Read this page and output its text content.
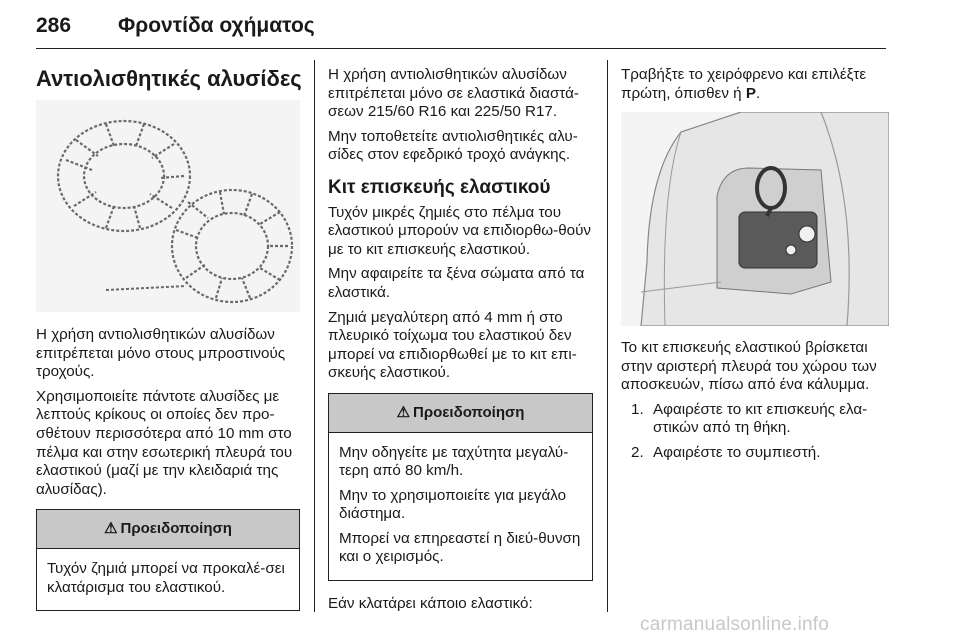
286 Φροντίδα οχήματος
Αντιολισθητικές αλυσίδες

Η χρήση αντιολισθητικών αλυσίδων επιτρέπεται μόνο στους μπροστινούς τροχούς.

Χρησιμοποιείτε πάντοτε αλυσίδες με λεπτούς κρίκους οι οποίες δεν προ-σθέτουν περισσότερα από 10 mm στο πέλμα και στην εσωτερική πλευρά του ελαστικού (μαζί με την κλειδαριά της αλυσίδας).

⚠ Προειδοποίηση

Τυχόν ζημιά μπορεί να προκαλέ-σει κλατάρισμα του ελαστικού.

Η χρήση αντιολισθητικών αλυσίδων επιτρέπεται μόνο σε ελαστικά διαστά-σεων 215/60 R16 και 225/50 R17.

Μην τοποθετείτε αντιολισθητικές αλυ-σίδες στον εφεδρικό τροχό ανάγκης.

Κιτ επισκευής ελαστικού

Τυχόν μικρές ζημιές στο πέλμα του ελαστικού μπορούν να επιδιορθω-θούν με το κιτ επισκευής ελαστικού.

Μην αφαιρείτε τα ξένα σώματα από τα ελαστικά.

Ζημιά μεγαλύτερη από 4 mm ή στο πλευρικό τοίχωμα του ελαστικού δεν μπορεί να επιδιορθωθεί με το κιτ επι-σκευής ελαστικού.

⚠ Προειδοποίηση

Μην οδηγείτε με ταχύτητα μεγαλύ-τερη από 80 km/h.

Μην το χρησιμοποιείτε για μεγάλο διάστημα.

Μπορεί να επηρεαστεί η διεύ-θυνση και ο χειρισμός.

Εάν κλατάρει κάποιο ελαστικό:

Τραβήξτε το χειρόφρενο και επιλέξτε πρώτη, όπισθεν ή P.

Το κιτ επισκευής ελαστικού βρίσκεται στην αριστερή πλευρά του χώρου των αποσκευών, πίσω από ένα κάλυμμα.

1. Αφαιρέστε το κιτ επισκευής ελα-στικών από τη θήκη.
2. Αφαιρέστε το συμπιεστή.
carmanualsonline.info
